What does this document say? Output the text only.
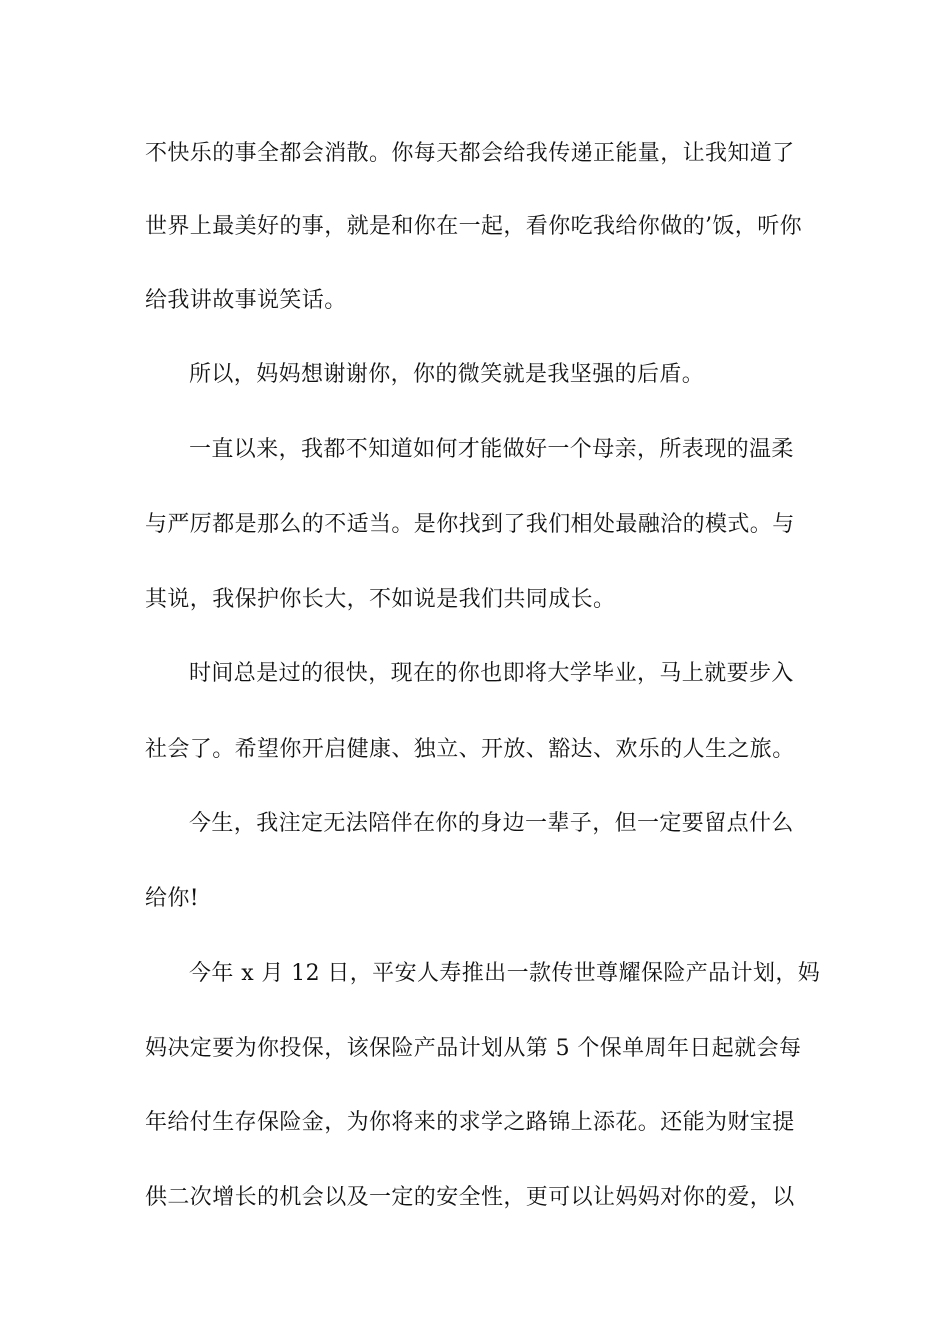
不快乐的事全都会消散。你每天都会给我传递正能量，让我知道了
世界上最美好的事，就是和你在一起，看你吃我给你做的’饭，听你
给我讲故事说笑话。
所以，妈妈想谢谢你，你的微笑就是我坚强的后盾。
一直以来，我都不知道如何才能做好一个母亲，所表现的温柔
与严厉都是那么的不适当。是你找到了我们相处最融洽的模式。与
其说，我保护你长大，不如说是我们共同成长。
时间总是过的很快，现在的你也即将大学毕业，马上就要步入
社会了。希望你开启健康、独立、开放、豁达、欢乐的人生之旅。
今生，我注定无法陪伴在你的身边一辈子，但一定要留点什么
给你!
今年 x 月 12 日，平安人寿推出一款传世尊耀保险产品计划，妈
妈决定要为你投保，该保险产品计划从第 5 个保单周年日起就会每
年给付生存保险金，为你将来的求学之路锦上添花。还能为财宝提
供二次增长的机会以及一定的安全性，更可以让妈妈对你的爱，以
